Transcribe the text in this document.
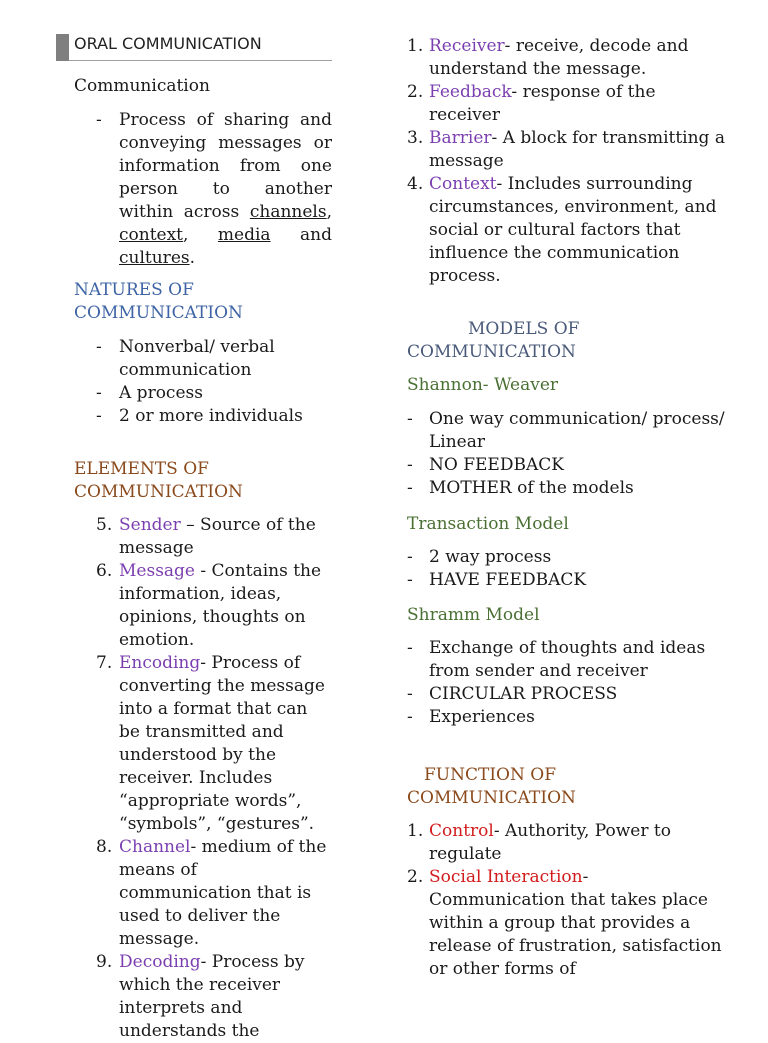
ORAL COMMUNICATION
Communication
- Process of sharing and conveying messages or information from one person to another within across channels, context, media and cultures.
NATURES OF
COMMUNICATION
- Nonverbal/ verbal communication
- A process
- 2 or more individuals
ELEMENTS OF
COMMUNICATION
5. Sender – Source of the message
6. Message - Contains the information, ideas, opinions, thoughts on emotion.
7. Encoding- Process of converting the message into a format that can be transmitted and understood by the receiver. Includes “appropriate words”, “symbols”, “gestures”.
8. Channel- medium of the means of communication that is used to deliver the message.
9. Decoding- Process by which the receiver interprets and understands the
1. Receiver- receive, decode and understand the message.
2. Feedback- response of the receiver
3. Barrier- A block for transmitting a message
4. Context- Includes surrounding circumstances, environment, and social or cultural factors that influence the communication process.
MODELS OF
COMMUNICATION
Shannon- Weaver
- One way communication/ process/ Linear
- NO FEEDBACK
- MOTHER of the models
Transaction Model
- 2 way process
- HAVE FEEDBACK
Shramm Model
- Exchange of thoughts and ideas from sender and receiver
- CIRCULAR PROCESS
- Experiences
FUNCTION OF
COMMUNICATION
1. Control- Authority, Power to regulate
2. Social Interaction- Communication that takes place within a group that provides a release of frustration, satisfaction or other forms of
